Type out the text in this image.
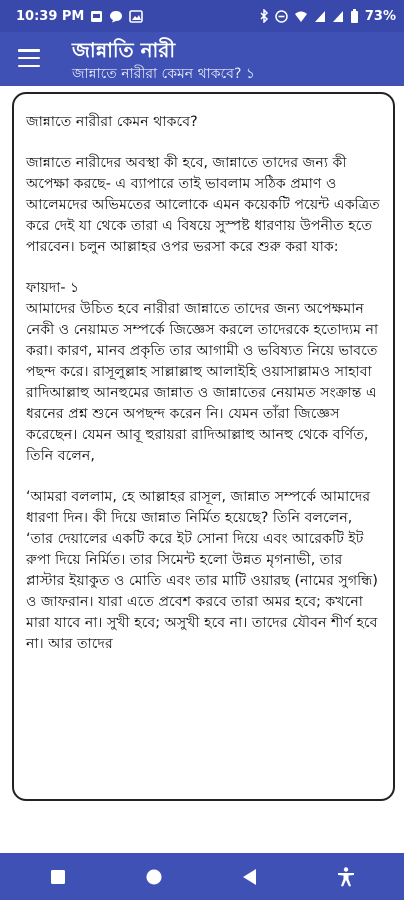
10:39 PM	73%
জান্নাতি নারী
জান্নাতে নারীরা কেমন থাকবে? ১

জান্নাতে নারীরা কেমন থাকবে?

জান্নাতে নারীদের অবস্থা কী হবে, জান্নাতে তাদের জন্য কী অপেক্ষা করছে- এ ব্যাপারে তাই ভাবলাম সঠিক প্রমাণ ও আলেমদের অভিমতের আলোকে এমন কয়েকটি পয়েন্ট একত্রিত করে দেই যা থেকে তারা এ বিষয়ে সুস্পষ্ট ধারণায় উপনীত হতে পারবেন। চলুন আল্লাহর ওপর ভরসা করে শুরু করা যাক:

ফায়দা- ১

আমাদের উচিত হবে নারীরা জান্নাতে তাদের জন্য অপেক্ষমান নেকী ও নেয়ামত সম্পর্কে জিজ্ঞেস করলে তাদেরকে হতোদ্যম না করা। কারণ, মানব প্রকৃতি তার আগামী ও ভবিষ্যত নিয়ে ভাবতে পছন্দ করে। রাসূলুল্লাহ সাল্লাল্লাহু আলাইহি ওয়াসাল্লামও সাহাবা রাদিআল্লাহু আনহুমের জান্নাত ও জান্নাতের নেয়ামত সংক্রান্ত এ ধরনের প্রশ্ন শুনে অপছন্দ করেন নি। যেমন তাঁরা জিজ্ঞেস করেছেন। যেমন আবূ হুরায়রা রাদিআল্লাহু আনহু থেকে বর্ণিত, তিনি বলেন,

‘আমরা বললাম, হে আল্লাহর রাসূল, জান্নাত সম্পর্কে আমাদের ধারণা দিন। কী দিয়ে জান্নাত নির্মিত হয়েছে? তিনি বললেন, ‘তার দেয়ালের একটি করে ইট সোনা দিয়ে এবং আরেকটি ইট রুপা দিয়ে নির্মিত। তার সিমেন্ট হলো উন্নত মৃগনাভী, তার প্লাস্টার ইয়াকুত ও মোতি এবং তার মাটি ওয়ারছ (নামের সুগন্ধি) ও জাফরান। যারা এতে প্রবেশ করবে তারা অমর হবে; কখনো মারা যাবে না। সুখী হবে; অসুখী হবে না। তাদের যৌবন শীর্ণ হবে না। আর তাদের
